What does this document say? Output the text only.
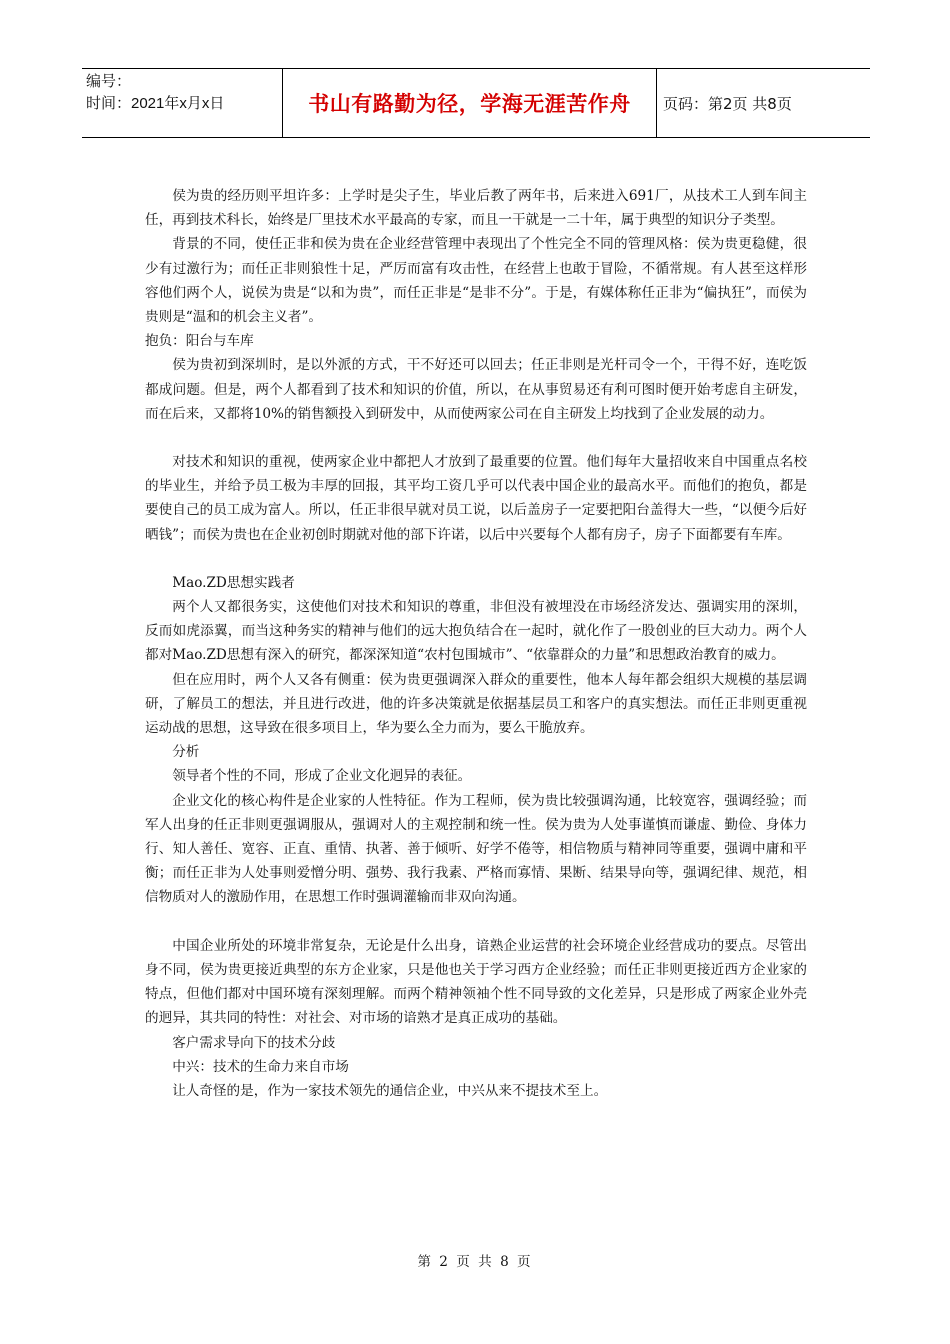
编号：
时间：2021年x月x日	书山有路勤为径，学海无涯苦作舟	页码：第2页 共8页

侯为贵的经历则平坦许多：上学时是尖子生，毕业后教了两年书，后来进入691厂，从技术工人到车间主任，再到技术科长，始终是厂里技术水平最高的专家，而且一干就是一二十年，属于典型的知识分子类型。

背景的不同，使任正非和侯为贵在企业经营管理中表现出了个性完全不同的管理风格：侯为贵更稳健，很少有过激行为；而任正非则狼性十足，严厉而富有攻击性，在经营上也敢于冒险，不循常规。有人甚至这样形容他们两个人，说侯为贵是“以和为贵”，而任正非是“是非不分”。于是，有媒体称任正非为“偏执狂”，而侯为贵则是“温和的机会主义者”。

抱负：阳台与车库

侯为贵初到深圳时，是以外派的方式，干不好还可以回去；任正非则是光杆司令一个，干得不好，连吃饭都成问题。但是，两个人都看到了技术和知识的价值，所以，在从事贸易还有利可图时便开始考虑自主研发，而在后来，又都将10%的销售额投入到研发中，从而使两家公司在自主研发上均找到了企业发展的动力。

对技术和知识的重视，使两家企业中都把人才放到了最重要的位置。他们每年大量招收来自中国重点名校的毕业生，并给予员工极为丰厚的回报，其平均工资几乎可以代表中国企业的最高水平。而他们的抱负，都是要使自己的员工成为富人。所以，任正非很早就对员工说，以后盖房子一定要把阳台盖得大一些，“以便今后好晒钱”；而侯为贵也在企业初创时期就对他的部下许诺，以后中兴要每个人都有房子，房子下面都要有车库。

Mao.ZD思想实践者

两个人又都很务实，这使他们对技术和知识的尊重，非但没有被埋没在市场经济发达、强调实用的深圳，反而如虎添翼，而当这种务实的精神与他们的远大抱负结合在一起时，就化作了一股创业的巨大动力。两个人都对Mao.ZD思想有深入的研究，都深深知道“农村包围城市”、“依靠群众的力量”和思想政治教育的威力。

但在应用时，两个人又各有侧重：侯为贵更强调深入群众的重要性，他本人每年都会组织大规模的基层调研，了解员工的想法，并且进行改进，他的许多决策就是依据基层员工和客户的真实想法。而任正非则更重视运动战的思想，这导致在很多项目上，华为要么全力而为，要么干脆放弃。

分析

领导者个性的不同，形成了企业文化迥异的表征。

企业文化的核心构件是企业家的人性特征。作为工程师，侯为贵比较强调沟通，比较宽容，强调经验；而军人出身的任正非则更强调服从，强调对人的主观控制和统一性。侯为贵为人处事谨慎而谦虚、勤俭、身体力行、知人善任、宽容、正直、重情、执著、善于倾听、好学不倦等，相信物质与精神同等重要，强调中庸和平衡；而任正非为人处事则爱憎分明、强势、我行我素、严格而寡情、果断、结果导向等，强调纪律、规范，相信物质对人的激励作用，在思想工作时强调灌输而非双向沟通。

中国企业所处的环境非常复杂，无论是什么出身，谙熟企业运营的社会环境企业经营成功的要点。尽管出身不同，侯为贵更接近典型的东方企业家，只是他也关于学习西方企业经验；而任正非则更接近西方企业家的特点，但他们都对中国环境有深刻理解。而两个精神领袖个性不同导致的文化差异，只是形成了两家企业外壳的迥异，其共同的特性：对社会、对市场的谙熟才是真正成功的基础。

客户需求导向下的技术分歧

中兴：技术的生命力来自市场

让人奇怪的是，作为一家技术领先的通信企业，中兴从来不提技术至上。

第 2 页 共 8 页
